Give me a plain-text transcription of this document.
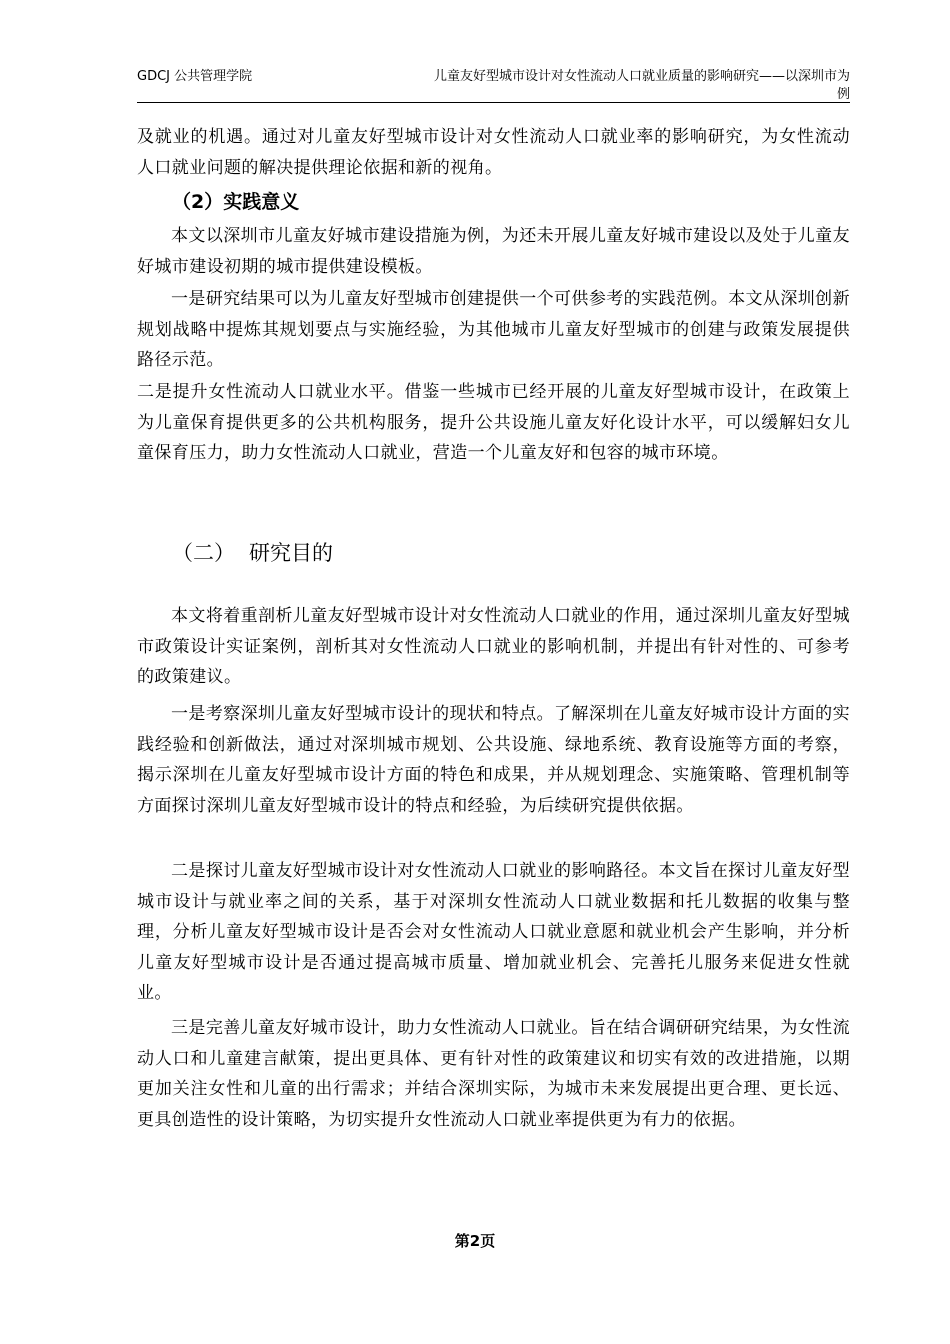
GDCJ 公共管理学院	儿童友好型城市设计对女性流动人口就业质量的影响研究——以深圳市为例

及就业的机遇。通过对儿童友好型城市设计对女性流动人口就业率的影响研究，为女性流动人口就业问题的解决提供理论依据和新的视角。

（2）实践意义

本文以深圳市儿童友好城市建设措施为例，为还未开展儿童友好城市建设以及处于儿童友好城市建设初期的城市提供建设模板。

一是研究结果可以为儿童友好型城市创建提供一个可供参考的实践范例。本文从深圳创新规划战略中提炼其规划要点与实施经验，为其他城市儿童友好型城市的创建与政策发展提供路径示范。

二是提升女性流动人口就业水平。借鉴一些城市已经开展的儿童友好型城市设计，在政策上为儿童保育提供更多的公共机构服务，提升公共设施儿童友好化设计水平，可以缓解妇女儿童保育压力，助力女性流动人口就业，营造一个儿童友好和包容的城市环境。

（二） 研究目的

本文将着重剖析儿童友好型城市设计对女性流动人口就业的作用，通过深圳儿童友好型城市政策设计实证案例，剖析其对女性流动人口就业的影响机制，并提出有针对性的、可参考的政策建议。

一是考察深圳儿童友好型城市设计的现状和特点。了解深圳在儿童友好城市设计方面的实践经验和创新做法，通过对深圳城市规划、公共设施、绿地系统、教育设施等方面的考察，揭示深圳在儿童友好型城市设计方面的特色和成果，并从规划理念、实施策略、管理机制等方面探讨深圳儿童友好型城市设计的特点和经验，为后续研究提供依据。

二是探讨儿童友好型城市设计对女性流动人口就业的影响路径。本文旨在探讨儿童友好型城市设计与就业率之间的关系，基于对深圳女性流动人口就业数据和托儿数据的收集与整理，分析儿童友好型城市设计是否会对女性流动人口就业意愿和就业机会产生影响，并分析儿童友好型城市设计是否通过提高城市质量、增加就业机会、完善托儿服务来促进女性就业。

三是完善儿童友好城市设计，助力女性流动人口就业。旨在结合调研研究结果，为女性流动人口和儿童建言献策，提出更具体、更有针对性的政策建议和切实有效的改进措施，以期更加关注女性和儿童的出行需求；并结合深圳实际，为城市未来发展提出更合理、更长远、更具创造性的设计策略，为切实提升女性流动人口就业率提供更为有力的依据。

第2页
